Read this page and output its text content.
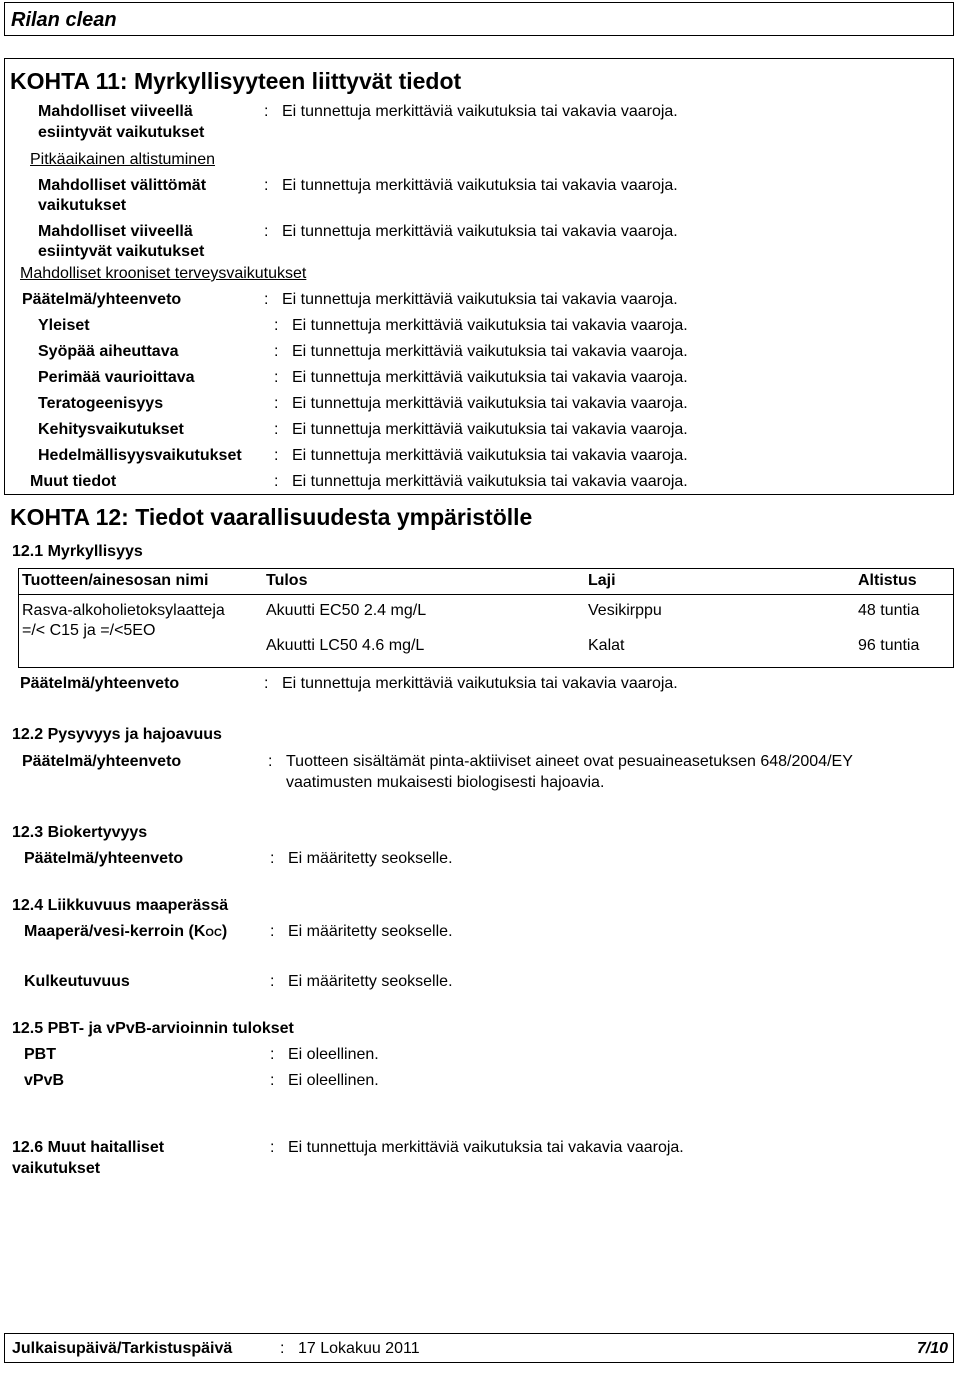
Rilan clean
KOHTA 11: Myrkyllisyyteen liittyvät tiedot
Mahdolliset viiveellä
esiintyvät vaikutukset
: Ei tunnettuja merkittäviä vaikutuksia tai vakavia vaaroja.
Pitkäaikainen altistuminen
Mahdolliset välittömät
vaikutukset
: Ei tunnettuja merkittäviä vaikutuksia tai vakavia vaaroja.
Mahdolliset viiveellä
esiintyvät vaikutukset
: Ei tunnettuja merkittäviä vaikutuksia tai vakavia vaaroja.
Mahdolliset krooniset terveysvaikutukset
Päätelmä/yhteenveto	: Ei tunnettuja merkittäviä vaikutuksia tai vakavia vaaroja.
Yleiset	: Ei tunnettuja merkittäviä vaikutuksia tai vakavia vaaroja.
Syöpää aiheuttava	: Ei tunnettuja merkittäviä vaikutuksia tai vakavia vaaroja.
Perimää vaurioittava	: Ei tunnettuja merkittäviä vaikutuksia tai vakavia vaaroja.
Teratogeenisyys	: Ei tunnettuja merkittäviä vaikutuksia tai vakavia vaaroja.
Kehitysvaikutukset	: Ei tunnettuja merkittäviä vaikutuksia tai vakavia vaaroja.
Hedelmällisyysvaikutukset : Ei tunnettuja merkittäviä vaikutuksia tai vakavia vaaroja.
Muut tiedot	: Ei tunnettuja merkittäviä vaikutuksia tai vakavia vaaroja.
KOHTA 12: Tiedot vaarallisuudesta ympäristölle
12.1 Myrkyllisyys
Tuotteen/ainesosan nimi	Tulos	Laji	Altistus

Rasva-alkoholietoksylaatteja
=/< C15 ja =/<5EO	Akuutti EC50 2.4 mg/L	Vesikirppu	48 tuntia
	Akuutti LC50 4.6 mg/L	Kalat	96 tuntia
Päätelmä/yhteenveto	: Ei tunnettuja merkittäviä vaikutuksia tai vakavia vaaroja.
12.2 Pysyvyys ja hajoavuus
Päätelmä/yhteenveto	: Tuotteen sisältämät pinta-aktiiviset aineet ovat pesuaineasetuksen 648/2004/EY
vaatimusten mukaisesti biologisesti hajoavia.
12.3 Biokertyvyys
Päätelmä/yhteenveto	: Ei määritetty seokselle.
12.4 Liikkuvuus maaperässä
Maaperä/vesi-kerroin (KOC)	: Ei määritetty seokselle.
Kulkeutuvuus	: Ei määritetty seokselle.
12.5 PBT- ja vPvB-arvioinnin tulokset
PBT	: Ei oleellinen.
vPvB	: Ei oleellinen.
12.6 Muut haitalliset
vaikutukset
: Ei tunnettuja merkittäviä vaikutuksia tai vakavia vaaroja.
Julkaisupäivä/Tarkistuspäivä	: 17 Lokakuu 2011	7/10
